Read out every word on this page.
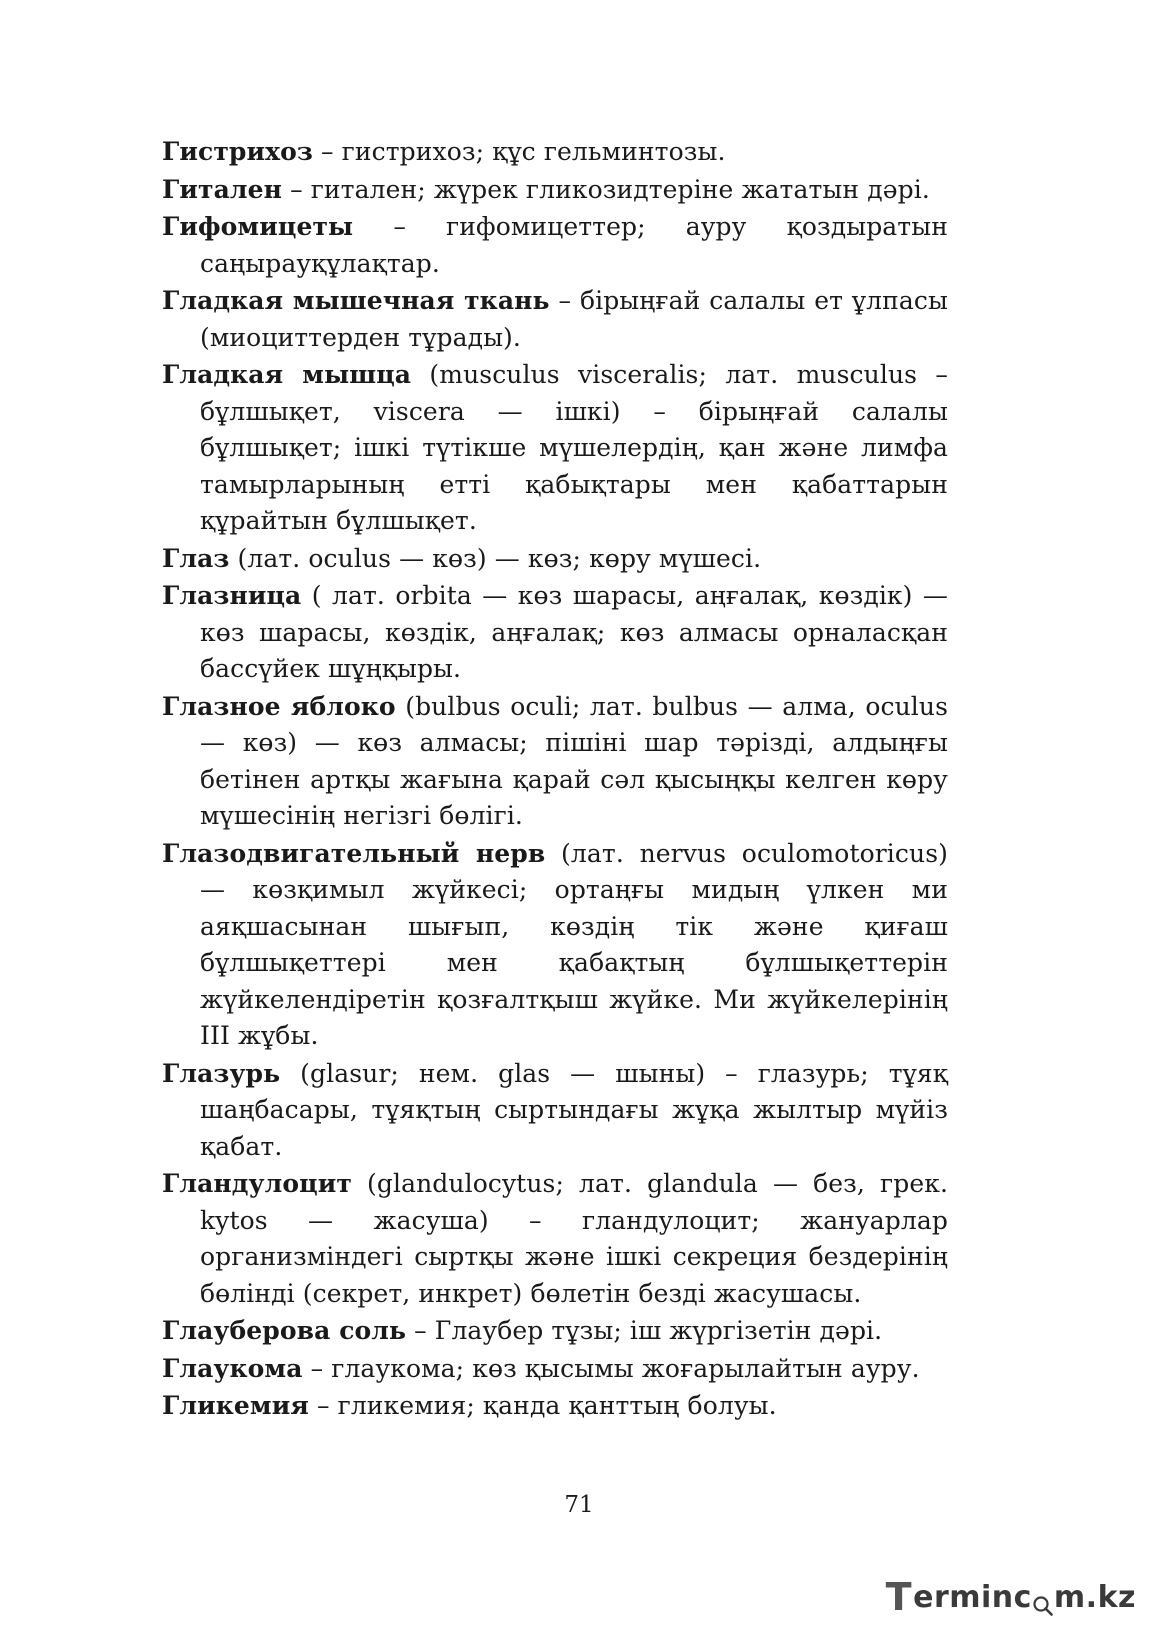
Гистрихоз – гистрихоз; құс гельминтозы.

Гитален – гитален; жүрек гликозидтеріне жататын дәрі.

Гифомицеты – гифомицеттер; ауру қоздыратын саңырауқұлақтар.

Гладкая мышечная ткань – бірыңғай салалы ет ұлпасы (миоциттерден тұрады).

Гладкая мышца (musculus visceralis; лат. musculus – бұлшықет, viscera — ішкі) – бірыңғай салалы бұлшықет; ішкі түтікше мүшелердің, қан және лимфа тамырларының етті қабықтары мен қабаттарын құрайтын бұлшықет.

Глаз (лат. oculus — көз) — көз; көру мүшесі.

Глазница ( лат. orbita — көз шарасы, аңғалақ, көздік) — көз шарасы, көздік, аңғалақ; көз алмасы орналасқан бассүйек шұңқыры.

Глазное яблоко (bulbus oculi; лат. bulbus — алма, oculus — көз) — көз алмасы; пішіні шар тәрізді, алдыңғы бетінен артқы жағына қарай сәл қысыңқы келген көру мүшесінің негізгі бөлігі.

Глазодвигательный нерв (лат. nervus oculomotoricus) — көзқимыл жүйкесі; ортаңғы мидың үлкен ми аяқшасынан шығып, көздің тік және қиғаш бұлшықеттері мен қабақтың бұлшықеттерін жүйкелендіретін қозғалтқыш жүйке. Ми жүйкелерінің ІІІ жұбы.

Глазурь (glasur; нем. glas — шыны) – глазурь; тұяқ шаңбасары, тұяқтың сыртындағы жұқа жылтыр мүйіз қабат.

Гландулоцит (glandulocytus; лат. glandula — без, грек. kytos — жасуша) – гландулоцит; жануарлар организміндегі сыртқы және ішкі секреция бездерінің бөлінді (секрет, инкрет) бөлетін безді жасушасы.

Глауберова соль – Глаубер тұзы; іш жүргізетін дәрі.

Глаукома – глаукома; көз қысымы жоғарылайтын ауру.

Гликемия – гликемия; қанда қанттың болуы.

71
T erminc m.kz
